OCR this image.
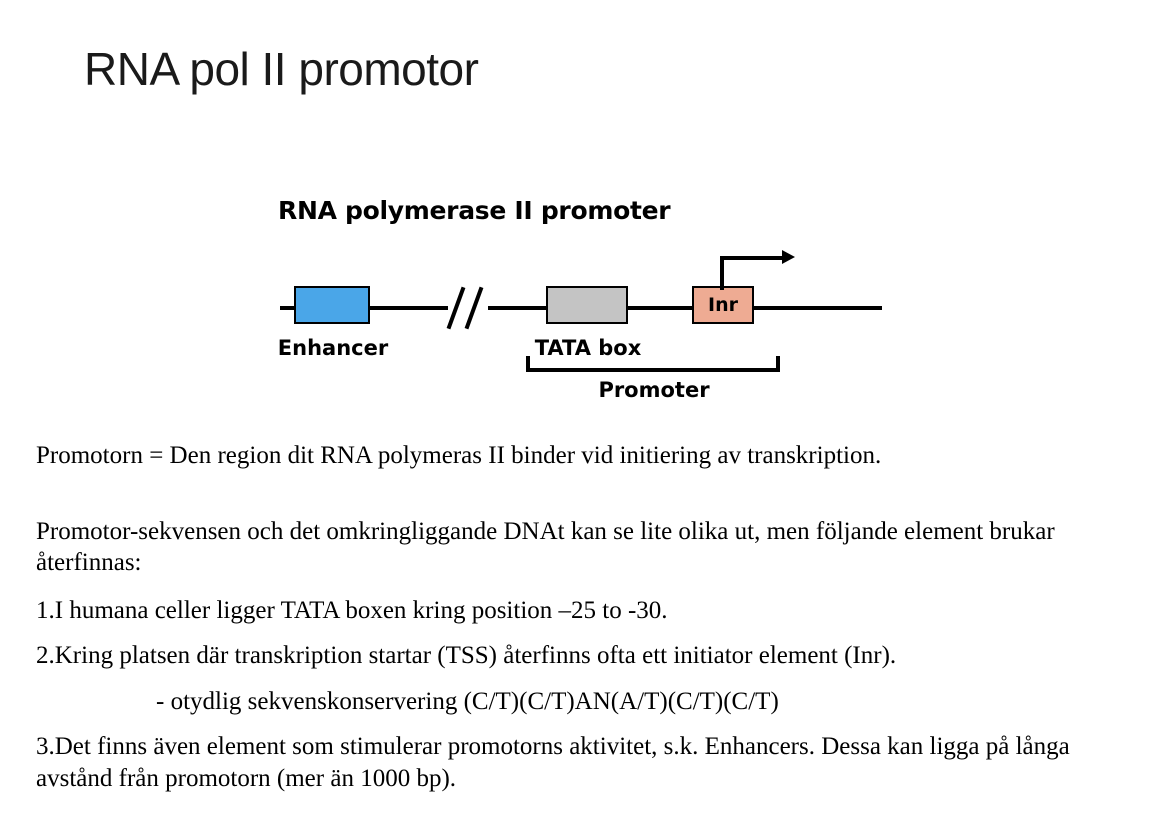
RNA pol II promotor
RNA polymerase II promoter
Inr
Enhancer	TATA box
Promoter

Promotorn = Den region dit RNA polymeras II binder vid initiering av transkription.

Promotor-sekvensen och det omkringliggande DNAt kan se lite olika ut, men följande element brukar återfinnas:

1.I humana celler ligger TATA boxen kring position –25 to -30.

2.Kring platsen där transkription startar (TSS) återfinns ofta ett initiator element (Inr).

- otydlig sekvenskonservering (C/T)(C/T)AN(A/T)(C/T)(C/T)

3.Det finns även element som stimulerar promotorns aktivitet, s.k. Enhancers. Dessa kan ligga på långa avstånd från promotorn (mer än 1000 bp).
